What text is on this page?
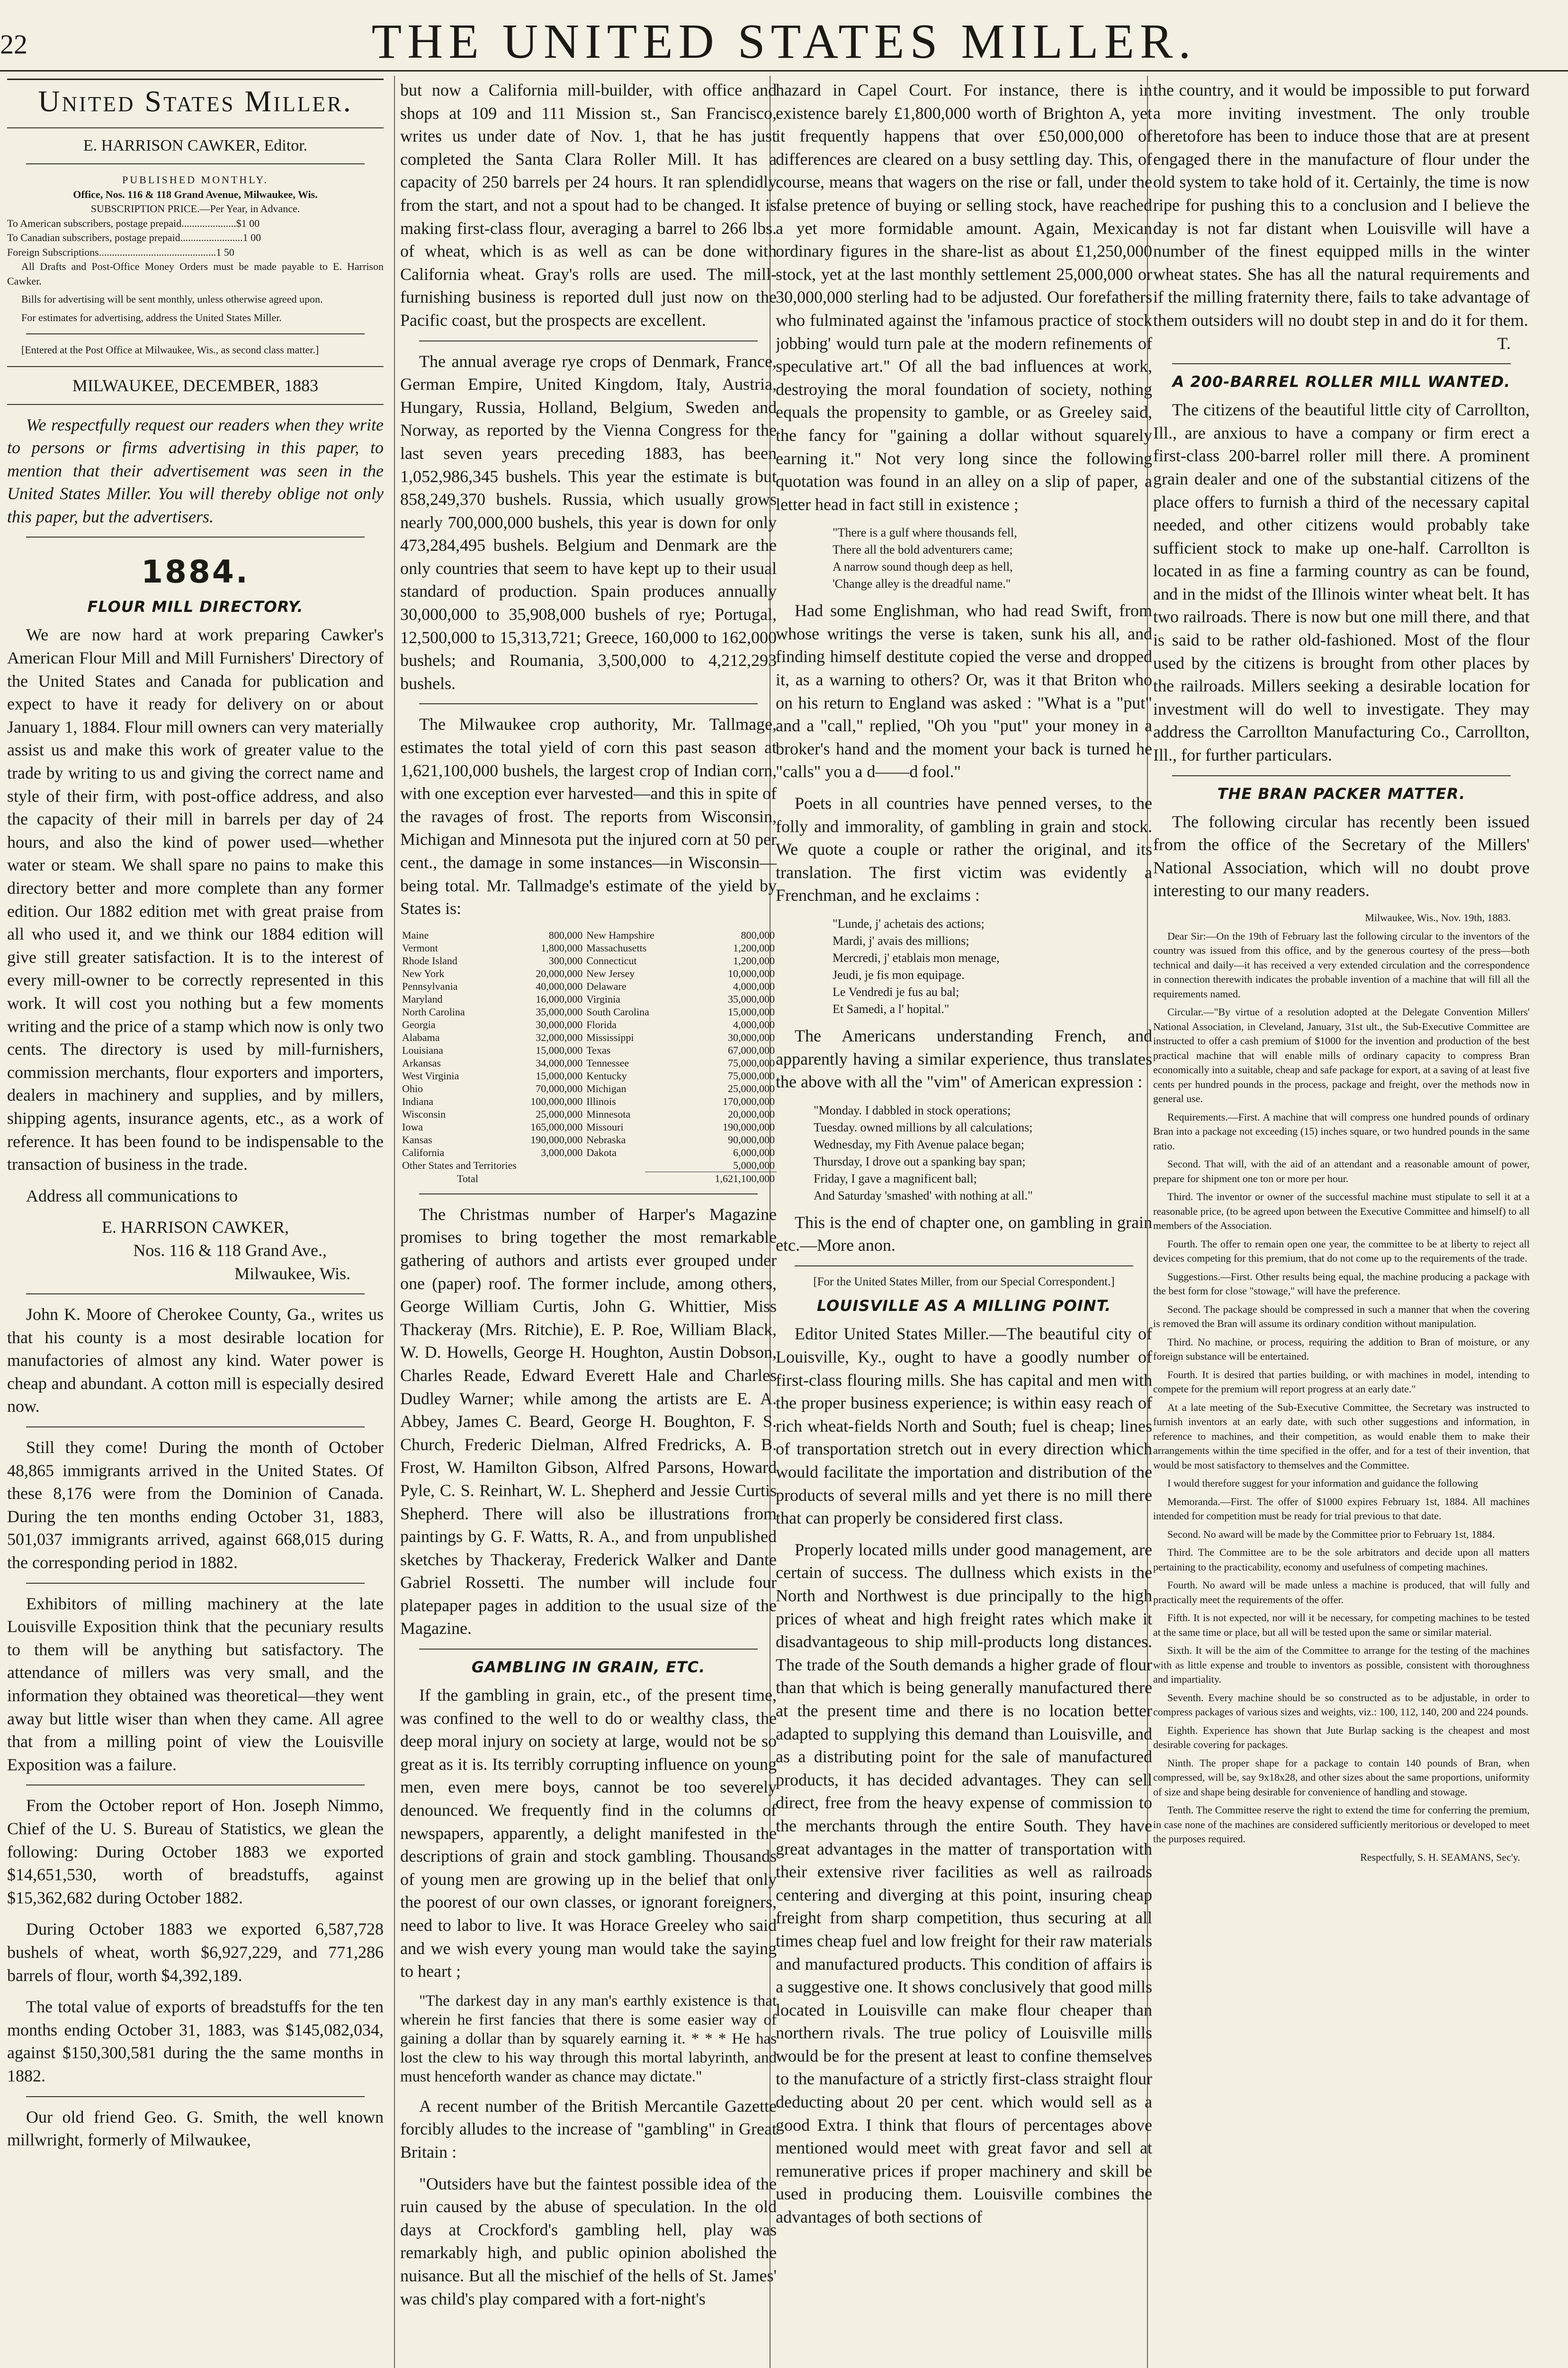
22	THE UNITED STATES MILLER.
United States Miller.
E. HARRISON CAWKER, Editor.
PUBLISHED MONTHLY.
Office, Nos. 116 & 118 Grand Avenue, Milwaukee, Wis.
SUBSCRIPTION PRICE.—Per Year, in Advance.
To American subscribers, postage prepaid.....................$1 00
To Canadian subscribers, postage prepaid........................1 00
Foreign Subscriptions.............................................1 50

All Drafts and Post-Office Money Orders must be made payable to E. Harrison Cawker.

Bills for advertising will be sent monthly, unless otherwise agreed upon.

For estimates for advertising, address the United States Miller.

[Entered at the Post Office at Milwaukee, Wis., as second class matter.]

MILWAUKEE, DECEMBER, 1883

We respectfully request our readers when they write to persons or firms advertising in this paper, to mention that their advertisement was seen in the United States Miller. You will thereby oblige not only this paper, but the advertisers.

1884.
FLOUR MILL DIRECTORY.

We are now hard at work preparing Cawker's American Flour Mill and Mill Furnishers' Directory of the United States and Canada for publication and expect to have it ready for delivery on or about January 1, 1884. Flour mill owners can very materially assist us and make this work of greater value to the trade by writing to us and giving the correct name and style of their firm, with post-office address, and also the capacity of their mill in barrels per day of 24 hours, and also the kind of power used—whether water or steam. We shall spare no pains to make this directory better and more complete than any former edition. Our 1882 edition met with great praise from all who used it, and we think our 1884 edition will give still greater satisfaction. It is to the interest of every mill-owner to be correctly represented in this work. It will cost you nothing but a few moments writing and the price of a stamp which now is only two cents. The directory is used by mill-furnishers, commission merchants, flour exporters and importers, dealers in machinery and supplies, and by millers, shipping agents, insurance agents, etc., as a work of reference. It has been found to be indispensable to the transaction of business in the trade.

Address all communications to

E. HARRISON CAWKER,
Nos. 116 & 118 Grand Ave.,
Milwaukee, Wis.

John K. Moore of Cherokee County, Ga., writes us that his county is a most desirable location for manufactories of almost any kind. Water power is cheap and abundant. A cotton mill is especially desired now.

Still they come! During the month of October 48,865 immigrants arrived in the United States. Of these 8,176 were from the Dominion of Canada. During the ten months ending October 31, 1883, 501,037 immigrants arrived, against 668,015 during the corresponding period in 1882.

Exhibitors of milling machinery at the late Louisville Exposition think that the pecuniary results to them will be anything but satisfactory. The attendance of millers was very small, and the information they obtained was theoretical—they went away but little wiser than when they came. All agree that from a milling point of view the Louisville Exposition was a failure.

From the October report of Hon. Joseph Nimmo, Chief of the U. S. Bureau of Statistics, we glean the following: During October 1883 we exported $14,651,530, worth of breadstuffs, against $15,362,682 during October 1882.

During October 1883 we exported 6,587,728 bushels of wheat, worth $6,927,229, and 771,286 barrels of flour, worth $4,392,189.

The total value of exports of breadstuffs for the ten months ending October 31, 1883, was $145,082,034, against $150,300,581 during the the same months in 1882.

Our old friend Geo. G. Smith, the well known millwright, formerly of Milwaukee,

but now a California mill-builder, with office and shops at 109 and 111 Mission st., San Francisco, writes us under date of Nov. 1, that he has just completed the Santa Clara Roller Mill. It has a capacity of 250 barrels per 24 hours. It ran splendidly from the start, and not a spout had to be changed. It is making first-class flour, averaging a barrel to 266 lbs. of wheat, which is as well as can be done with California wheat. Gray's rolls are used. The mill-furnishing business is reported dull just now on the Pacific coast, but the prospects are excellent.

The annual average rye crops of Denmark, France, German Empire, United Kingdom, Italy, Austria, Hungary, Russia, Holland, Belgium, Sweden and Norway, as reported by the Vienna Congress for the last seven years preceding 1883, has been 1,052,986,345 bushels. This year the estimate is but 858,249,370 bushels. Russia, which usually grows nearly 700,000,000 bushels, this year is down for only 473,284,495 bushels. Belgium and Denmark are the only countries that seem to have kept up to their usual standard of production. Spain produces annually 30,000,000 to 35,908,000 bushels of rye; Portugal, 12,500,000 to 15,313,721; Greece, 160,000 to 162,000 bushels; and Roumania, 3,500,000 to 4,212,293 bushels.

The Milwaukee crop authority, Mr. Tallmage, estimates the total yield of corn this past season at 1,621,100,000 bushels, the largest crop of Indian corn, with one exception ever harvested—and this in spite of the ravages of frost. The reports from Wisconsin, Michigan and Minnesota put the injured corn at 50 per cent., the damage in some instances—in Wisconsin—being total. Mr. Tallmadge's estimate of the yield by States is:

Maine	800,000	New Hampshire	800,000
Vermont	1,800,000	Massachusetts	1,200,000
Rhode Island	300,000	Connecticut	1,200,000
New York	20,000,000	New Jersey	10,000,000
Pennsylvania	40,000,000	Delaware	4,000,000
Maryland	16,000,000	Virginia	35,000,000
North Carolina	35,000,000	South Carolina	15,000,000
Georgia	30,000,000	Florida	4,000,000
Alabama	32,000,000	Mississippi	30,000,000
Louisiana	15,000,000	Texas	67,000,000
Arkansas	34,000,000	Tennessee	75,000,000
West Virginia	15,000,000	Kentucky	75,000,000
Ohio	70,000,000	Michigan	25,000,000
Indiana	100,000,000	Illinois	170,000,000
Wisconsin	25,000,000	Minnesota	20,000,000
Iowa	165,000,000	Missouri	190,000,000
Kansas	190,000,000	Nebraska	90,000,000
California	3,000,000	Dakota	6,000,000
Other States and Territories	5,000,000
Total	1,621,100,000

The Christmas number of Harper's Magazine promises to bring together the most remarkable gathering of authors and artists ever grouped under one (paper) roof. The former include, among others, George William Curtis, John G. Whittier, Miss Thackeray (Mrs. Ritchie), E. P. Roe, William Black, W. D. Howells, George H. Houghton, Austin Dobson, Charles Reade, Edward Everett Hale and Charles Dudley Warner; while among the artists are E. A. Abbey, James C. Beard, George H. Boughton, F. S. Church, Frederic Dielman, Alfred Fredricks, A. B. Frost, W. Hamilton Gibson, Alfred Parsons, Howard Pyle, C. S. Reinhart, W. L. Shepherd and Jessie Curtis Shepherd. There will also be illustrations from paintings by G. F. Watts, R. A., and from unpublished sketches by Thackeray, Frederick Walker and Dante Gabriel Rossetti. The number will include four platepaper pages in addition to the usual size of the Magazine.

GAMBLING IN GRAIN, ETC.

If the gambling in grain, etc., of the present time, was confined to the well to do or wealthy class, the deep moral injury on society at large, would not be so great as it is. Its terribly corrupting influence on young men, even mere boys, cannot be too severely denounced. We frequently find in the columns of newspapers, apparently, a delight manifested in the descriptions of grain and stock gambling. Thousands of young men are growing up in the belief that only the poorest of our own classes, or ignorant foreigners, need to labor to live. It was Horace Greeley who said and we wish every young man would take the saying to heart ;

"The darkest day in any man's earthly existence is that wherein he first fancies that there is some easier way of gaining a dollar than by squarely earning it. * * * He has lost the clew to his way through this mortal labyrinth, and must henceforth wander as chance may dictate."

A recent number of the British Mercantile Gazette forcibly alludes to the increase of "gambling" in Great Britain :

"Outsiders have but the faintest possible idea of the ruin caused by the abuse of speculation. In the old days at Crockford's gambling hell, play was remarkably high, and public opinion abolished the nuisance. But all the mischief of the hells of St. James' was child's play compared with a fort-night's

hazard in Capel Court. For instance, there is in existence barely £1,800,000 worth of Brighton A, yet it frequently happens that over £50,000,000 of differences are cleared on a busy settling day. This, of course, means that wagers on the rise or fall, under the false pretence of buying or selling stock, have reached a yet more formidable amount. Again, Mexican ordinary figures in the share-list as about £1,250,000 stock, yet at the last monthly settlement 25,000,000 or 30,000,000 sterling had to be adjusted. Our forefathers who fulminated against the 'infamous practice of stock jobbing' would turn pale at the modern refinements of speculative art." Of all the bad influences at work, destroying the moral foundation of society, nothing equals the propensity to gamble, or as Greeley said, the fancy for "gaining a dollar without squarely earning it." Not very long since the following quotation was found in an alley on a slip of paper, a letter head in fact still in existence ;

"There is a gulf where thousands fell,
There all the bold adventurers came;
A narrow sound though deep as hell,
'Change alley is the dreadful name."

Had some Englishman, who had read Swift, from whose writings the verse is taken, sunk his all, and finding himself destitute copied the verse and dropped it, as a warning to others? Or, was it that Briton who on his return to England was asked : "What is a "put" and a "call," replied, "Oh you "put" your money in a broker's hand and the moment your back is turned he "calls" you a d——d fool."

Poets in all countries have penned verses, to the folly and immorality, of gambling in grain and stock. We quote a couple or rather the original, and its translation. The first victim was evidently a Frenchman, and he exclaims :

"Lunde, j' achetais des actions;
Mardi, j' avais des millions;
Mercredi, j' etablais mon menage,
Jeudi, je fis mon equipage.
Le Vendredi je fus au bal;
Et Samedi, a l' hopital."

The Americans understanding French, and apparently having a similar experience, thus translates the above with all the "vim" of American expression :

"Monday. I dabbled in stock operations;
Tuesday. owned millions by all calculations;
Wednesday, my Fith Avenue palace began;
Thursday, I drove out a spanking bay span;
Friday, I gave a magnificent ball;
And Saturday 'smashed' with nothing at all."

This is the end of chapter one, on gambling in grain etc.—More anon.

[For the United States Miller, from our Special Correspondent.]
LOUISVILLE AS A MILLING POINT.

Editor United States Miller.—The beautiful city of Louisville, Ky., ought to have a goodly number of first-class flouring mills. She has capital and men with the proper business experience; is within easy reach of rich wheat-fields North and South; fuel is cheap; lines of transportation stretch out in every direction which would facilitate the importation and distribution of the products of several mills and yet there is no mill there that can properly be considered first class.

Properly located mills under good management, are certain of success. The dullness which exists in the North and Northwest is due principally to the high prices of wheat and high freight rates which make it disadvantageous to ship mill-products long distances. The trade of the South demands a higher grade of flour than that which is being generally manufactured there at the present time and there is no location better adapted to supplying this demand than Louisville, and as a distributing point for the sale of manufactured products, it has decided advantages. They can sell direct, free from the heavy expense of commission to the merchants through the entire South. They have great advantages in the matter of transportation with their extensive river facilities as well as railroads centering and diverging at this point, insuring cheap freight from sharp competition, thus securing at all times cheap fuel and low freight for their raw materials and manufactured products. This condition of affairs is a suggestive one. It shows conclusively that good mills located in Louisville can make flour cheaper than northern rivals. The true policy of Louisville mills would be for the present at least to confine themselves to the manufacture of a strictly first-class straight flour deducting about 20 per cent. which would sell as a good Extra. I think that flours of percentages above mentioned would meet with great favor and sell at remunerative prices if proper machinery and skill be used in producing them. Louisville combines the advantages of both sections of

the country, and it would be impossible to put forward a more inviting investment. The only trouble heretofore has been to induce those that are at present engaged there in the manufacture of flour under the old system to take hold of it. Certainly, the time is now ripe for pushing this to a conclusion and I believe the day is not far distant when Louisville will have a number of the finest equipped mills in the winter wheat states. She has all the natural requirements and if the milling fraternity there, fails to take advantage of them outsiders will no doubt step in and do it for them.

T.
A 200-BARREL ROLLER MILL WANTED.

The citizens of the beautiful little city of Carrollton, Ill., are anxious to have a company or firm erect a first-class 200-barrel roller mill there. A prominent grain dealer and one of the substantial citizens of the place offers to furnish a third of the necessary capital needed, and other citizens would probably take sufficient stock to make up one-half. Carrollton is located in as fine a farming country as can be found, and in the midst of the Illinois winter wheat belt. It has two railroads. There is now but one mill there, and that is said to be rather old-fashioned. Most of the flour used by the citizens is brought from other places by the railroads. Millers seeking a desirable location for investment will do well to investigate. They may address the Carrollton Manufacturing Co., Carrollton, Ill., for further particulars.

THE BRAN PACKER MATTER.

The following circular has recently been issued from the office of the Secretary of the Millers' National Association, which will no doubt prove interesting to our many readers.

Milwaukee, Wis., Nov. 19th, 1883.

Dear Sir:—On the 19th of February last the following circular to the inventors of the country was issued from this office, and by the generous courtesy of the press—both technical and daily—it has received a very extended circulation and the correspondence in connection therewith indicates the probable invention of a machine that will fill all the requirements named.

Circular.—"By virtue of a resolution adopted at the Delegate Convention Millers' National Association, in Cleveland, January, 31st ult., the Sub-Executive Committee are instructed to offer a cash premium of $1000 for the invention and production of the best practical machine that will enable mills of ordinary capacity to compress Bran economically into a suitable, cheap and safe package for export, at a saving of at least five cents per hundred pounds in the process, package and freight, over the methods now in general use.

Requirements.—First. A machine that will compress one hundred pounds of ordinary Bran into a package not exceeding (15) inches square, or two hundred pounds in the same ratio.

Second. That will, with the aid of an attendant and a reasonable amount of power, prepare for shipment one ton or more per hour.

Third. The inventor or owner of the successful machine must stipulate to sell it at a reasonable price, (to be agreed upon between the Executive Committee and himself) to all members of the Association.

Fourth. The offer to remain open one year, the committee to be at liberty to reject all devices competing for this premium, that do not come up to the requirements of the trade.

Suggestions.—First. Other results being equal, the machine producing a package with the best form for close "stowage," will have the preference.

Second. The package should be compressed in such a manner that when the covering is removed the Bran will assume its ordinary condition without manipulation.

Third. No machine, or process, requiring the addition to Bran of moisture, or any foreign substance will be entertained.

Fourth. It is desired that parties building, or with machines in model, intending to compete for the premium will report progress at an early date."

At a late meeting of the Sub-Executive Committee, the Secretary was instructed to furnish inventors at an early date, with such other suggestions and information, in reference to machines, and their competition, as would enable them to make their arrangements within the time specified in the offer, and for a test of their invention, that would be most satisfactory to themselves and the Committee.

I would therefore suggest for your information and guidance the following

Memoranda.—First. The offer of $1000 expires February 1st, 1884. All machines intended for competition must be ready for trial previous to that date.

Second. No award will be made by the Committee prior to February 1st, 1884.

Third. The Committee are to be the sole arbitrators and decide upon all matters pertaining to the practicability, economy and usefulness of competing machines.

Fourth. No award will be made unless a machine is produced, that will fully and practically meet the requirements of the offer.

Fifth. It is not expected, nor will it be necessary, for competing machines to be tested at the same time or place, but all will be tested upon the same or similar material.

Sixth. It will be the aim of the Committee to arrange for the testing of the machines with as little expense and trouble to inventors as possible, consistent with thoroughness and impartiality.

Seventh. Every machine should be so constructed as to be adjustable, in order to compress packages of various sizes and weights, viz.: 100, 112, 140, 200 and 224 pounds.

Eighth. Experience has shown that Jute Burlap sacking is the cheapest and most desirable covering for packages.

Ninth. The proper shape for a package to contain 140 pounds of Bran, when compressed, will be, say 9x18x28, and other sizes about the same proportions, uniformity of size and shape being desirable for convenience of handling and stowage.

Tenth. The Committee reserve the right to extend the time for conferring the premium, in case none of the machines are considered sufficiently meritorious or developed to meet the purposes required.

Respectfully, S. H. SEAMANS, Sec'y.
